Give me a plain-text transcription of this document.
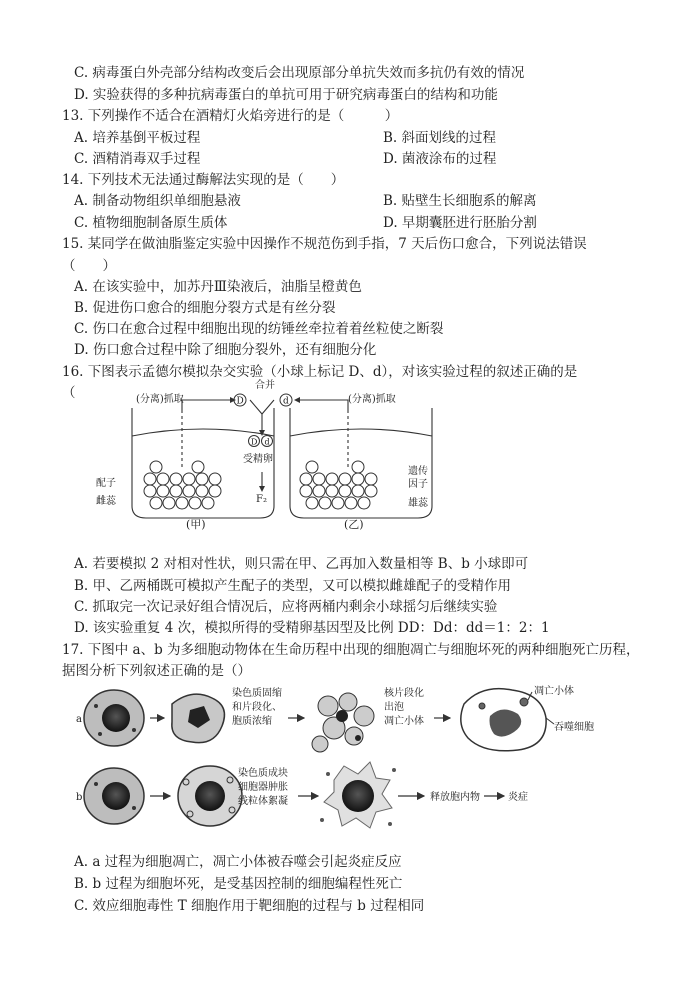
C. 病毒蛋白外壳部分结构改变后会出现原部分单抗失效而多抗仍有效的情况
D. 实验获得的多种抗病毒蛋白的单抗可用于研究病毒蛋白的结构和功能
13. 下列操作不适合在酒精灯火焰旁进行的是（　　　）
A. 培养基倒平板过程	B. 斜面划线的过程
C. 酒精消毒双手过程	D. 菌液涂布的过程
14. 下列技术无法通过酶解法实现的是（　　）
A. 制备动物组织单细胞悬液	B. 贴壁生长细胞系的解离
C. 植物细胞制备原生质体	D. 早期囊胚进行胚胎分割
15. 某同学在做油脂鉴定实验中因操作不规范伤到手指，7 天后伤口愈合，下列说法错误
（　　）
A. 在该实验中，加苏丹Ⅲ染液后，油脂呈橙黄色
B. 促进伤口愈合的细胞分裂方式是有丝分裂
C. 伤口在愈合过程中细胞出现的纺锤丝牵拉着着丝粒使之断裂
D. 伤口愈合过程中除了细胞分裂外，还有细胞分化
16. 下图表示孟德尔模拟杂交实验（小球上标记 D、d），对该实验过程的叙述正确的是
（	(分离)抓取	(分离)抓取
合并
D	d
D d
受精卵
F₂
配子
雌蕊
遗传
因子
雄蕊
(甲)	(乙)
A. 若要模拟 2 对相对性状，则只需在甲、乙再加入数量相等 B、b 小球即可
B. 甲、乙两桶既可模拟产生配子的类型，又可以模拟雌雄配子的受精作用
C. 抓取完一次记录好组合情况后，应将两桶内剩余小球摇匀后继续实验
D. 该实验重复 4 次，模拟所得的受精卵基因型及比例 DD：Dd：dd＝1：2：1
17. 下图中 a、b 为多细胞动物体在生命历程中出现的细胞凋亡与细胞坏死的两种细胞死亡历程，
据图分析下列叙述正确的是（）
a
染色质固缩
和片段化、
胞质浓缩
核片段化
出泡
凋亡小体
凋亡小体
吞噬细胞
b
染色质成块
细胞器肿胀
线粒体絮凝	释放胞内物	炎症
A. a 过程为细胞凋亡，凋亡小体被吞噬会引起炎症反应
B. b 过程为细胞坏死，是受基因控制的细胞编程性死亡
C. 效应细胞毒性 T 细胞作用于靶细胞的过程与 b 过程相同
